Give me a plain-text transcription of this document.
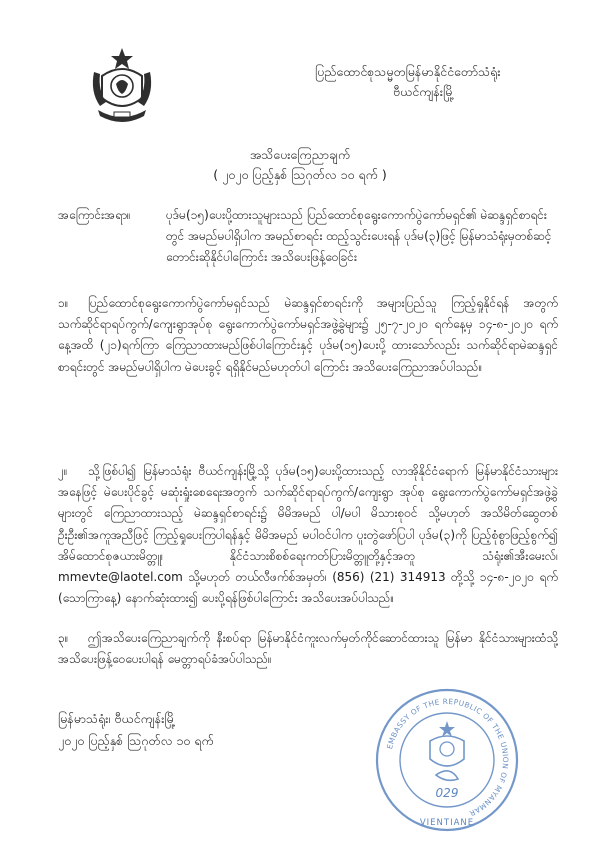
ပြည်ထောင်စုသမ္မတမြန်မာနိုင်ငံတော်သံရုံး
ဗီယင်ကျန်းမြို့
အသိပေးကြေညာချက်
( ၂၀၂၀ ပြည့်နှစ် ဩဂုတ်လ ၁၀ ရက် )
အကြောင်းအရာ။	ပုဒ်မ(၁၅)ပေးပို့ထားသူများသည် ပြည်ထောင်စုရွေးကောက်ပွဲကော်မရှင်၏ မဲဆန္ဒရှင်စာရင်းတွင် အမည်မပါရှိပါက အမည်စာရင်း ထည့်သွင်းပေးရန် ပုဒ်မ(၃)ဖြင့် မြန်မာသံရုံးမှတစ်ဆင့် တောင်းဆိုနိုင်ပါကြောင်း အသိပေးဖြန့်ဝေခြင်း
၁။	ပြည်ထောင်စုရွေးကောက်ပွဲကော်မရှင်သည် မဲဆန္ဒရှင်စာရင်းကို အများပြည်သူ ကြည့်ရှုနိုင်ရန် အတွက် သက်ဆိုင်ရာရပ်ကွက်/ကျေးရွာအုပ်စု ရွေးကောက်ပွဲကော်မရှင်အဖွဲ့ခွဲများ၌ ၂၅-၇-၂၀၂၀ ရက်နေ့မှ ၁၄-၈-၂၀၂၀ ရက်နေ့အထိ (၂၁)ရက်ကြာ ကြေညာထားမည်ဖြစ်ပါကြောင်းနှင့် ပုဒ်မ(၁၅)ပေးပို့ ထားသော်လည်း သက်ဆိုင်ရာမဲဆန္ဒရှင်စာရင်းတွင် အမည်မပါရှိပါက မဲပေးခွင့် ရရှိနိုင်မည်မဟုတ်ပါ ကြောင်း အသိပေးကြေညာအပ်ပါသည်။
၂။	သို့ဖြစ်ပါ၍ မြန်မာသံရုံး ဗီယင်ကျန်းမြို့သို့ ပုဒ်မ(၁၅)ပေးပို့ထားသည့် လာအိုနိုင်ငံရောက် မြန်မာနိုင်ငံသားများအနေဖြင့် မဲပေးပိုင်ခွင့် မဆုံးရှုံးစေရေးအတွက် သက်ဆိုင်ရာရပ်ကွက်/ကျေးရွာ အုပ်စု ရွေးကောက်ပွဲကော်မရှင်အဖွဲ့ခွဲများတွင် ကြေညာထားသည့် မဲဆန္ဒရှင်စာရင်း၌ မိမိအမည် ပါ/မပါ မိသားစုဝင် သို့မဟုတ် အသိမိတ်ဆွေတစ်ဦးဦး၏အကူအညီဖြင့် ကြည့်ရှုပေးကြပါရန်နှင့် မိမိအမည် မပါဝင်ပါက ပူးတွဲဖော်ပြပါ ပုဒ်မ(၃)ကို ပြည့်စုံစွာဖြည့်စွက်၍ အိမ်ထောင်စုဇယားမိတ္တူ၊ နိုင်ငံသားစိစစ်ရေးကတ်ပြားမိတ္တူတို့နှင့်အတူ သံရုံး၏အီးမေးလ်၊ mmevte@laotel.com သို့မဟုတ် တယ်လီဖက်စ်အမှတ်၊ (856) (21) 314913 တို့သို့ ၁၄-၈-၂၀၂၀ ရက် (သောကြာနေ့) နောက်ဆုံးထား၍ ပေးပို့ရန်ဖြစ်ပါကြောင်း အသိပေးအပ်ပါသည်။
၃။	ဤအသိပေးကြေညာချက်ကို နီးစပ်ရာ မြန်မာနိုင်ငံကူးလက်မှတ်ကိုင်ဆောင်ထားသူ မြန်မာ နိုင်ငံသားများထံသို့ အသိပေးဖြန့်ဝေပေးပါရန် မေတ္တာရပ်ခံအပ်ပါသည်။
မြန်မာသံရုံး၊ ဗီယင်ကျန်းမြို့
၂၀၂၀ ပြည့်နှစ် ဩဂုတ်လ ၁၀ ရက်	EMBASSY OF THE REPUBLIC OF THE UNION OF MYANMAR
029
VIENTIANE
